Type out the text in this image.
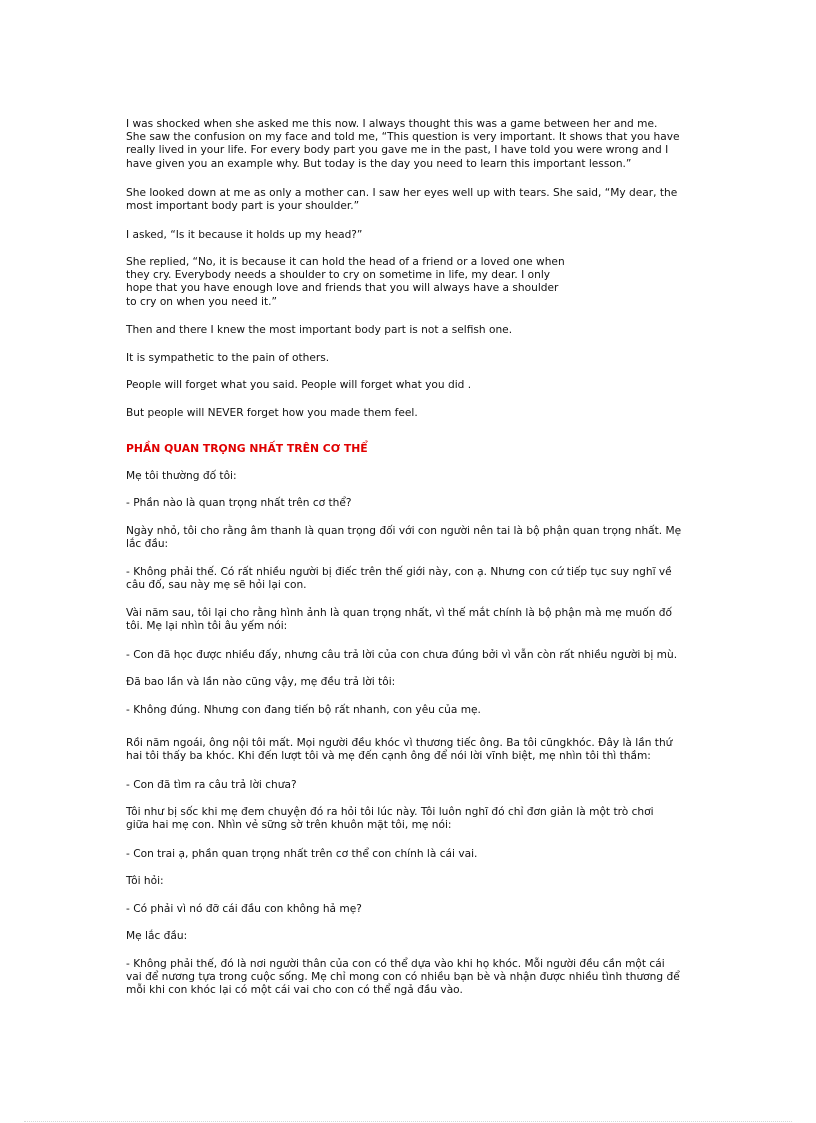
I was shocked when she asked me this now. I always thought this was a game between her and me.
She saw the confusion on my face and told me, “This question is very important. It shows that you have
really lived in your life. For every body part you gave me in the past, I have told you were wrong and I
have given you an example why. But today is the day you need to learn this important lesson.”

She looked down at me as only a mother can. I saw her eyes well up with tears. She said, “My dear, the
most important body part is your shoulder.”

I asked, “Is it because it holds up my head?”

She replied, “No, it is because it can hold the head of a friend or a loved one when
they cry. Everybody needs a shoulder to cry on sometime in life, my dear. I only
hope that you have enough love and friends that you will always have a shoulder
to cry on when you need it.”

Then and there I knew the most important body part is not a selfish one.

It is sympathetic to the pain of others.

People will forget what you said. People will forget what you did .

But people will NEVER forget how you made them feel.

PHẦN QUAN TRỌNG NHẤT TRÊN CƠ THỂ

Mẹ tôi thường đố tôi:

- Phần nào là quan trọng nhất trên cơ thể?

Ngày nhỏ, tôi cho rằng âm thanh là quan trọng đối với con người nên tai là bộ phận quan trọng nhất. Mẹ
lắc đầu:

- Không phải thế. Có rất nhiều người bị điếc trên thế giới này, con ạ. Nhưng con cứ tiếp tục suy nghĩ về
câu đố, sau này mẹ sẽ hỏi lại con.

Vài năm sau, tôi lại cho rằng hình ảnh là quan trọng nhất, vì thế mắt chính là bộ phận mà mẹ muốn đố
tôi. Mẹ lại nhìn tôi âu yếm nói:

- Con đã học được nhiều đấy, nhưng câu trả lời của con chưa đúng bởi vì vẫn còn rất nhiều người bị mù.

Đã bao lần và lần nào cũng vậy, mẹ đều trả lời tôi:

- Không đúng. Nhưng con đang tiến bộ rất nhanh, con yêu của mẹ.

Rồi năm ngoái, ông nội tôi mất. Mọi người đều khóc vì thương tiếc ông. Ba tôi cũngkhóc. Đây là lần thứ
hai tôi thấy ba khóc. Khi đến lượt tôi và mẹ đến cạnh ông để nói lời vĩnh biệt, mẹ nhìn tôi thì thầm:

- Con đã tìm ra câu trả lời chưa?

Tôi như bị sốc khi mẹ đem chuyện đó ra hỏi tôi lúc này. Tôi luôn nghĩ đó chỉ đơn giản là một trò chơi
giữa hai mẹ con. Nhìn vẻ sững sờ trên khuôn mặt tôi, mẹ nói:

- Con trai ạ, phần quan trọng nhất trên cơ thể con chính là cái vai.

Tôi hỏi:

- Có phải vì nó đỡ cái đầu con không hả mẹ?

Mẹ lắc đầu:

- Không phải thế, đó là nơi người thân của con có thể dựa vào khi họ khóc. Mỗi người đều cần một cái
vai để nương tựa trong cuộc sống. Mẹ chỉ mong con có nhiều bạn bè và nhận được nhiều tình thương để
mỗi khi con khóc lại có một cái vai cho con có thể ngả đầu vào.
